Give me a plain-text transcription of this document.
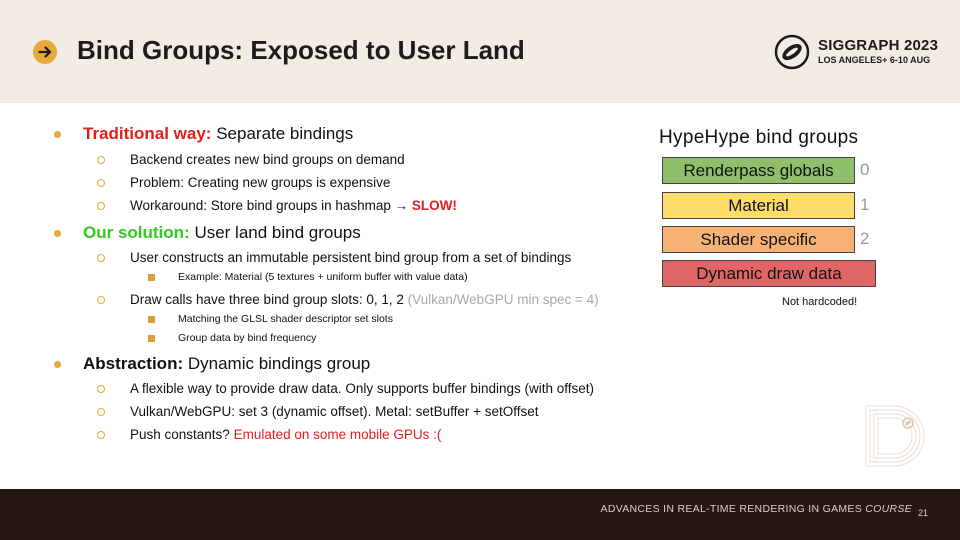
Bind Groups: Exposed to User Land	SIGGRAPH 2023
LOS ANGELES+ 6-10 AUG
Traditional way: Separate bindings
Backend creates new bind groups on demand
Problem: Creating new groups is expensive
Workaround: Store bind groups in hashmap → SLOW!
Our solution: User land bind groups
User constructs an immutable persistent bind group from a set of bindings
Example: Material (5 textures + uniform buffer with value data)
Draw calls have three bind group slots: 0, 1, 2 (Vulkan/WebGPU min spec = 4)
Matching the GLSL shader descriptor set slots
Group data by bind frequency
Abstraction: Dynamic bindings group
A flexible way to provide draw data. Only supports buffer bindings (with offset)
Vulkan/WebGPU: set 3 (dynamic offset). Metal: setBuffer + setOffset
Push constants? Emulated on some mobile GPUs :(
HypeHype bind groups
Renderpass globals	0
Material	1
Shader specific	2
Dynamic draw data
Not hardcoded!
ADVANCES IN REAL-TIME RENDERING IN GAMES COURSE 21
